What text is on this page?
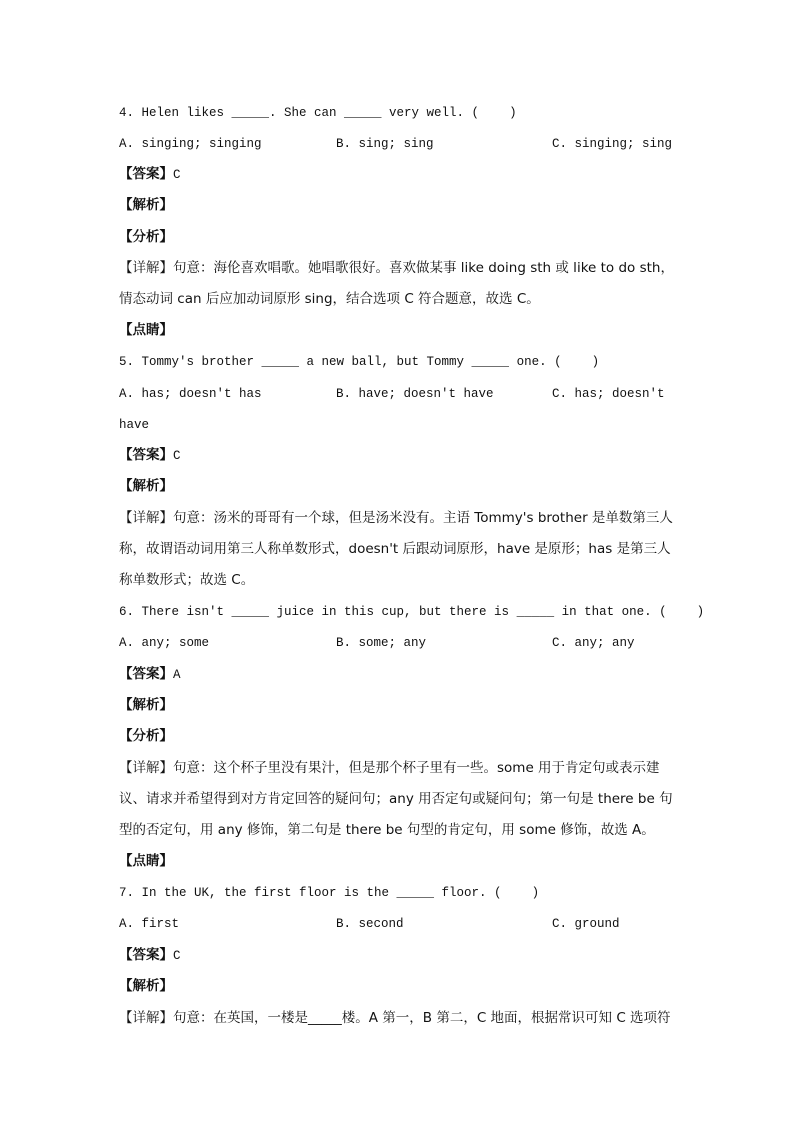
4. Helen likes _____. She can _____ very well. (    )
A. singing; singing	B. sing; sing	C. singing; sing
【答案】C
【解析】
【分析】
【详解】句意：海伦喜欢唱歌。她唱歌很好。喜欢做某事 like doing sth 或 like to do sth，
情态动词 can 后应加动词原形 sing，结合选项 C 符合题意，故选 C。
【点睛】
5. Tommy's brother _____ a new ball, but Tommy _____ one. (    )
A. has; doesn't has	B. have; doesn't have	C. has; doesn't
have
【答案】C
【解析】
【详解】句意：汤米的哥哥有一个球，但是汤米没有。主语 Tommy's brother 是单数第三人
称，故谓语动词用第三人称单数形式，doesn't 后跟动词原形，have 是原形；has 是第三人
称单数形式；故选 C。
6. There isn't _____ juice in this cup, but there is _____ in that one. (    )
A. any; some	B. some; any	C. any; any
【答案】A
【解析】
【分析】
【详解】句意：这个杯子里没有果汁，但是那个杯子里有一些。some 用于肯定句或表示建
议、请求并希望得到对方肯定回答的疑问句；any 用否定句或疑问句；第一句是 there be 句
型的否定句，用 any 修饰，第二句是 there be 句型的肯定句，用 some 修饰，故选 A。
【点睛】
7. In the UK, the first floor is the _____ floor. (    )
A. first	B. second	C. ground
【答案】C
【解析】
【详解】句意：在英国，一楼是_____楼。A 第一，B 第二，C 地面，根据常识可知 C 选项符
